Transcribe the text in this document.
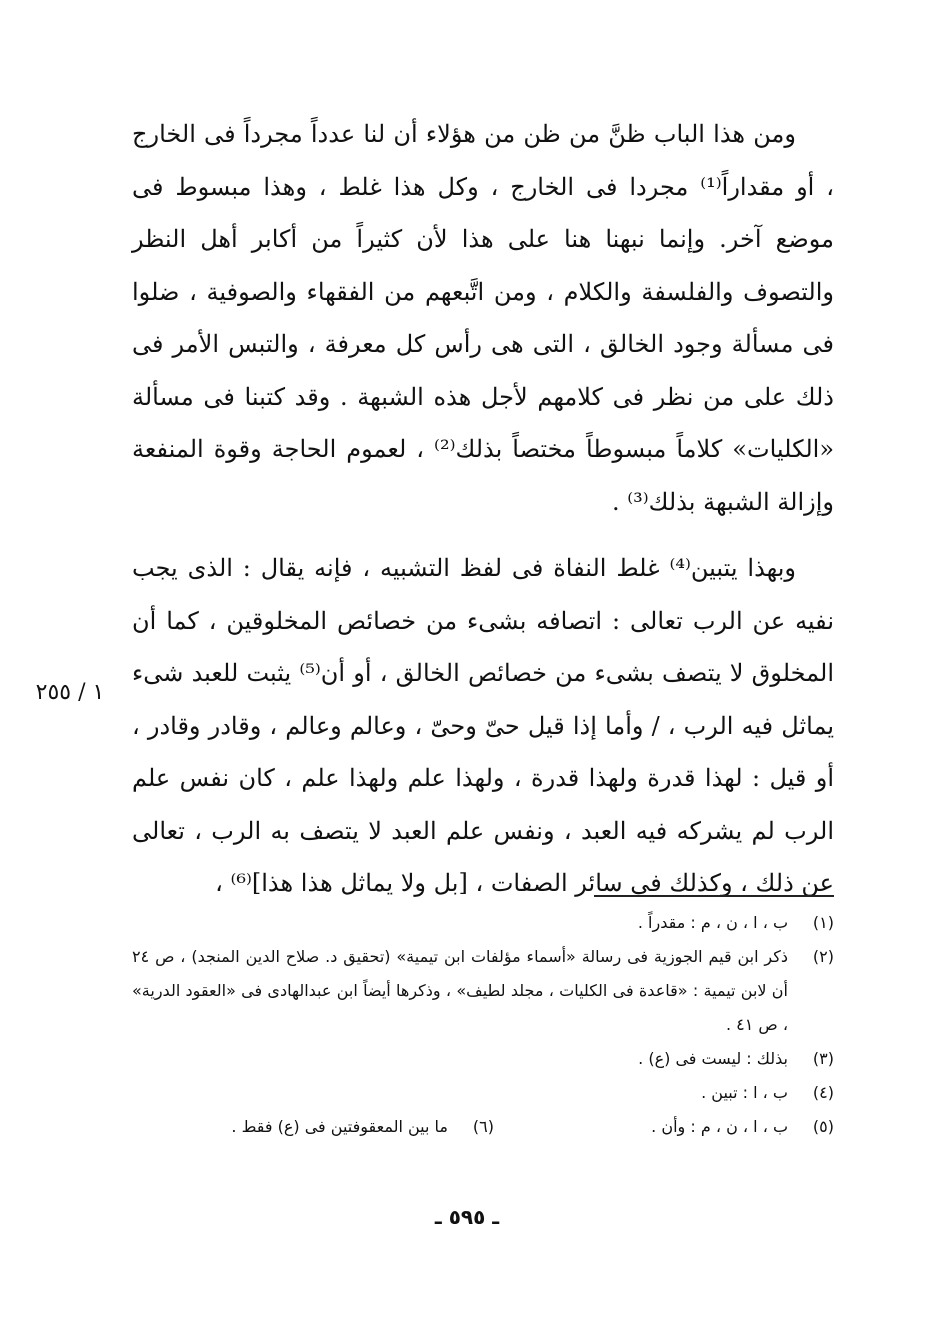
ومن هذا الباب ظنَّ من ظن من هؤلاء أن لنا عدداً مجرداً فى الخارج ، أو مقداراً⁽¹⁾ مجردا فى الخارج ، وكل هذا غلط ، وهذا مبسوط فى موضع آخر. وإنما نبهنا هنا على هذا لأن كثيراً من أكابر أهل النظر والتصوف والفلسفة والكلام ، ومن اتَّبعهم من الفقهاء والصوفية ، ضلوا فى مسألة وجود الخالق ، التى هى رأس كل معرفة ، والتبس الأمر فى ذلك على من نظر فى كلامهم لأجل هذه الشبهة . وقد كتبنا فى مسألة «الكليات» كلاماً مبسوطاً مختصاً بذلك⁽²⁾ ، لعموم الحاجة وقوة المنفعة وإزالة الشبهة بذلك⁽³⁾ .

وبهذا يتبين⁽⁴⁾ غلط النفاة فى لفظ التشبيه ، فإنه يقال : الذى يجب نفيه عن الرب تعالى : اتصافه بشىء من خصائص المخلوقين ، كما أن المخلوق لا يتصف بشىء من خصائص الخالق ، أو أن⁽⁵⁾ يثبت للعبد شىء يماثل فيه الرب ، / وأما إذا قيل حىّ وحىّ ، وعالم وعالم ، وقادر وقادر ، أو قيل : لهذا قدرة ولهذا قدرة ، ولهذا علم ولهذا علم ، كان نفس علم الرب لم يشركه فيه العبد ، ونفس علم العبد لا يتصف به الرب ، تعالى عن ذلك ، وكذلك فى سائر الصفات ، [بل ولا يماثل هذا هذا]⁽⁶⁾ ،

١ / ٢٥٥
(١)
ب ، ا ، ن ، م : مقدراً .
(٢)
ذكر ابن قيم الجوزية فى رسالة «أسماء مؤلفات ابن تيمية» (تحقيق د. صلاح الدين المنجد) ، ص ٢٤ أن لابن تيمية : «قاعدة فى الكليات ، مجلد لطيف» ، وذكرها أيضاً ابن عبدالهادى فى «العقود الدرية» ، ص ٤١ .
(٣)
بذلك : ليست فى (ع) .
(٤)
ب ، ا : تبين .
(٥)
ب ، ا ، ن ، م : وأن .
(٦)
ما بين المعقوفتين فى (ع) فقط .
ـ ٥٩٥ ـ
